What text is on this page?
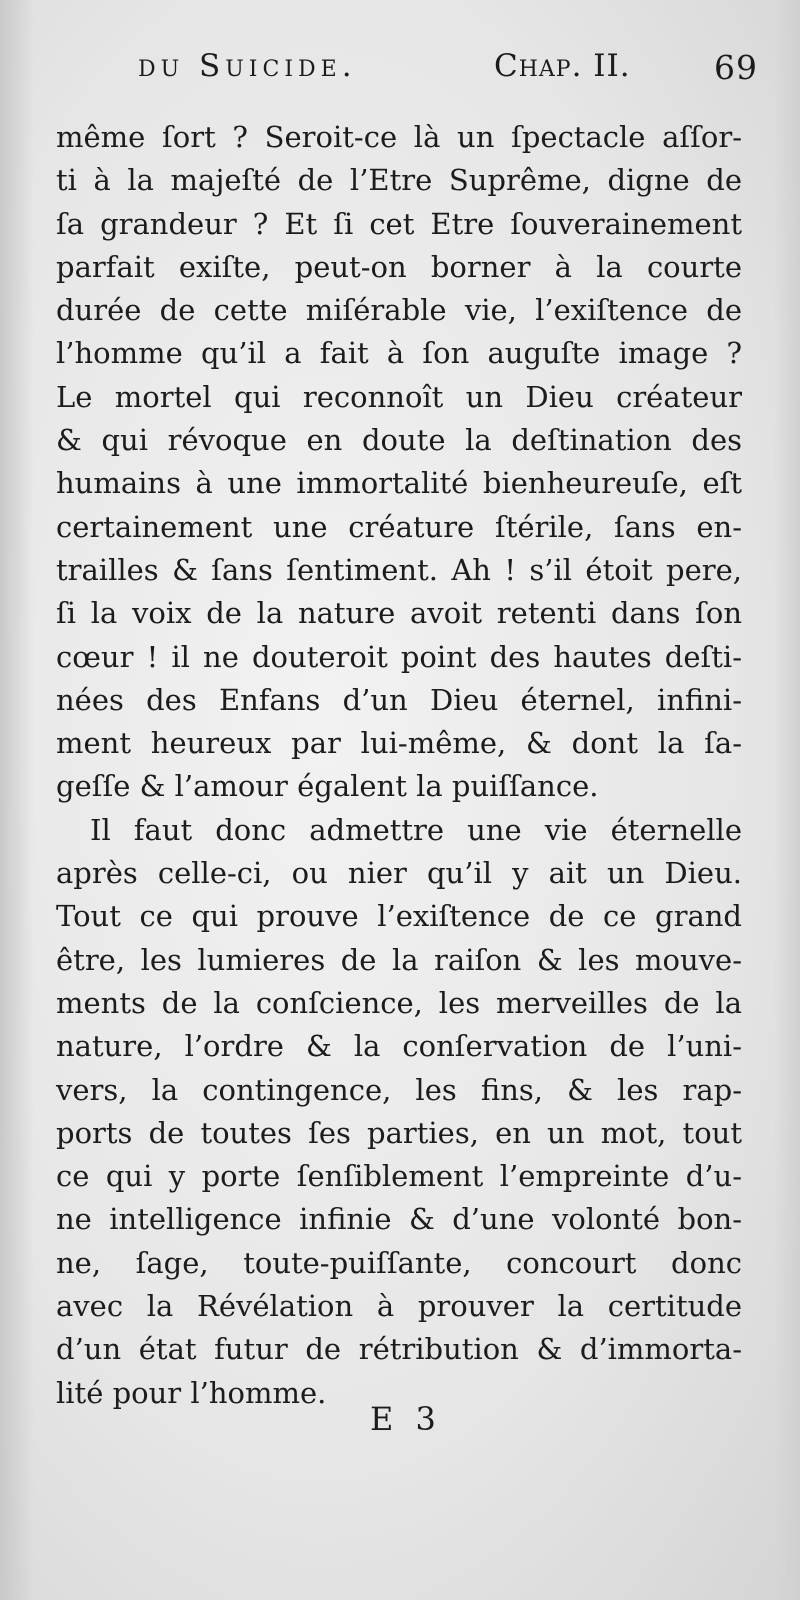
du Suicide.	Chap. II.	69
même ſort ? Seroit-ce là un ſpectacle aſſor-
ti à la majeſté de l’Etre Suprême, digne de
ſa grandeur ? Et ſi cet Etre ſouverainement
parfait exiſte, peut-on borner à la courte
durée de cette miſérable vie, l’exiſtence de
l’homme qu’il a fait à ſon auguſte image ?
Le mortel qui reconnoît un Dieu créateur
& qui révoque en doute la deſtination des
humains à une immortalité bienheureuſe, eſt
certainement une créature ſtérile, ſans en-
trailles & ſans ſentiment. Ah ! s’il étoit pere,
ſi la voix de la nature avoit retenti dans ſon
cœur ! il ne douteroit point des hautes deſti-
nées des Enfans d’un Dieu éternel, infini-
ment heureux par lui-même, & dont la ſa-
geſſe & l’amour égalent la puiſſance.
Il faut donc admettre une vie éternelle
après celle-ci, ou nier qu’il y ait un Dieu.
Tout ce qui prouve l’exiſtence de ce grand
être, les lumieres de la raiſon & les mouve-
ments de la conſcience, les merveilles de la
nature, l’ordre & la conſervation de l’uni-
vers, la contingence, les fins, & les rap-
ports de toutes ſes parties, en un mot, tout
ce qui y porte ſenſiblement l’empreinte d’u-
ne intelligence infinie & d’une volonté bon-
ne, ſage, toute-puiſſante, concourt donc
avec la Révélation à prouver la certitude
d’un état futur de rétribution & d’immorta-
lité pour l’homme.
E 3
